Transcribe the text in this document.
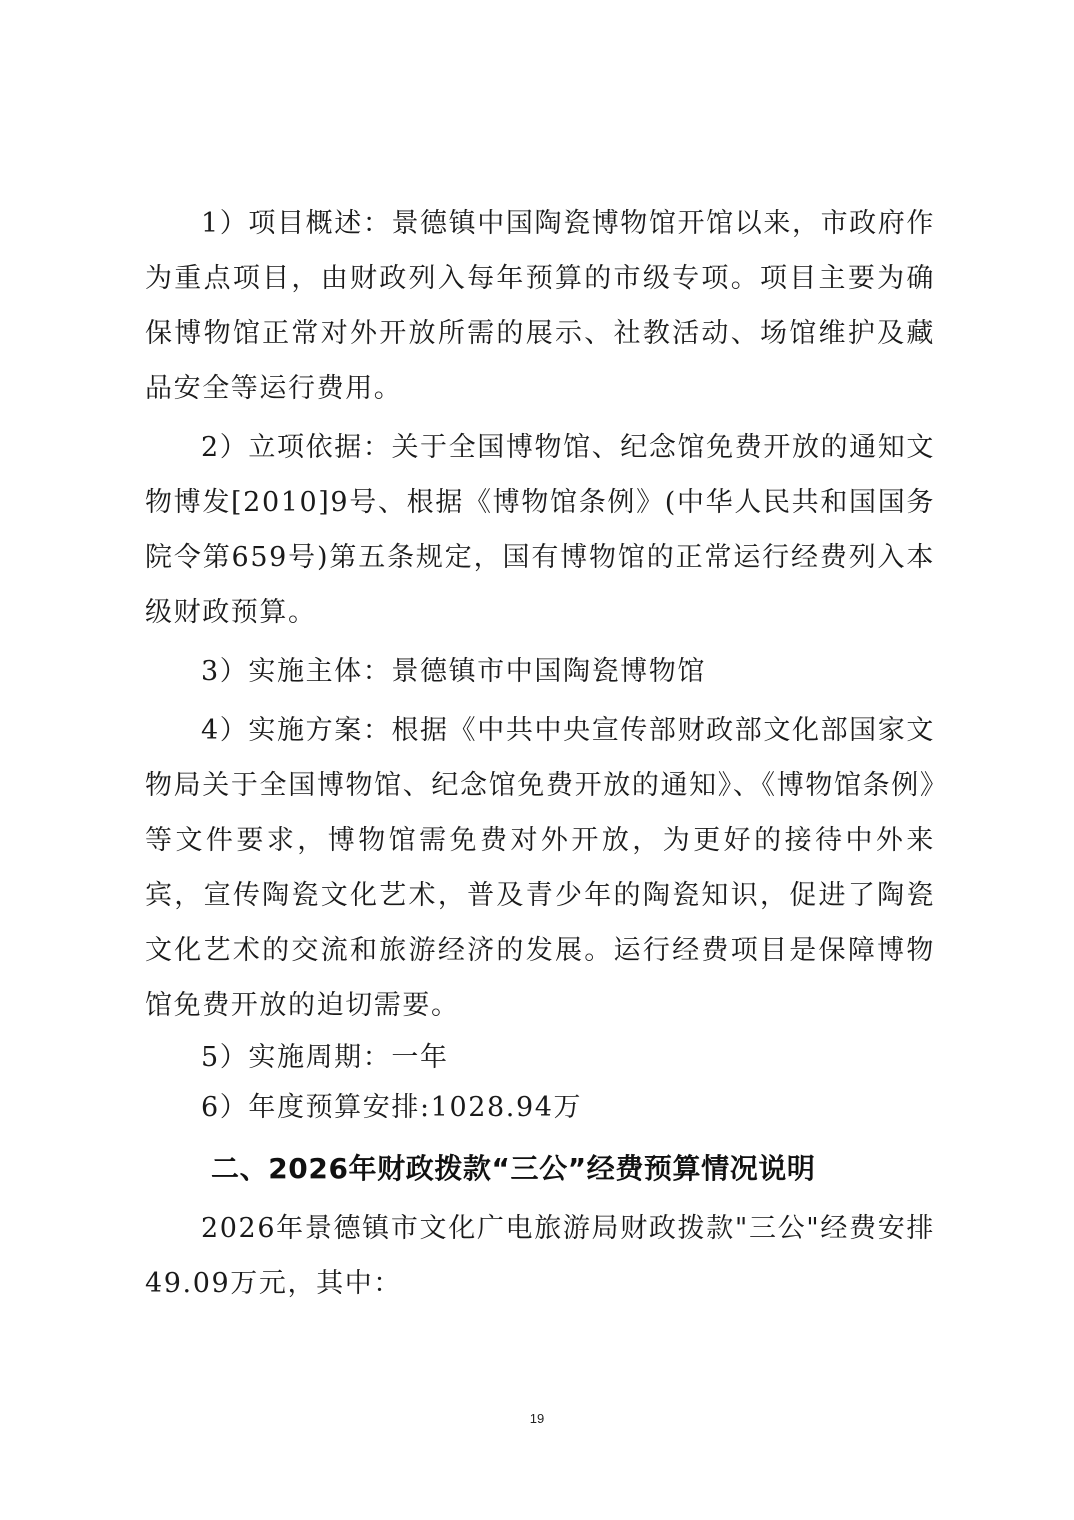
1）项目概述：景德镇中国陶瓷博物馆开馆以来，市政府作为重点项目，由财政列入每年预算的市级专项。项目主要为确保博物馆正常对外开放所需的展示、社教活动、场馆维护及藏品安全等运行费用。

2）立项依据：关于全国博物馆、纪念馆免费开放的通知文物博发[2010]9号、根据《博物馆条例》(中华人民共和国国务院令第659号)第五条规定，国有博物馆的正常运行经费列入本级财政预算。

3）实施主体：景德镇市中国陶瓷博物馆

4）实施方案：根据《中共中央宣传部财政部文化部国家文物局关于全国博物馆、纪念馆免费开放的通知》、《博物馆条例》等文件要求，博物馆需免费对外开放，为更好的接待中外来宾，宣传陶瓷文化艺术，普及青少年的陶瓷知识，促进了陶瓷文化艺术的交流和旅游经济的发展。运行经费项目是保障博物馆免费开放的迫切需要。

5）实施周期：一年

6）年度预算安排:1028.94万

二、2026年财政拨款“三公”经费预算情况说明

2026年景德镇市文化广电旅游局财政拨款"三公"经费安排49.09万元，其中：

19
